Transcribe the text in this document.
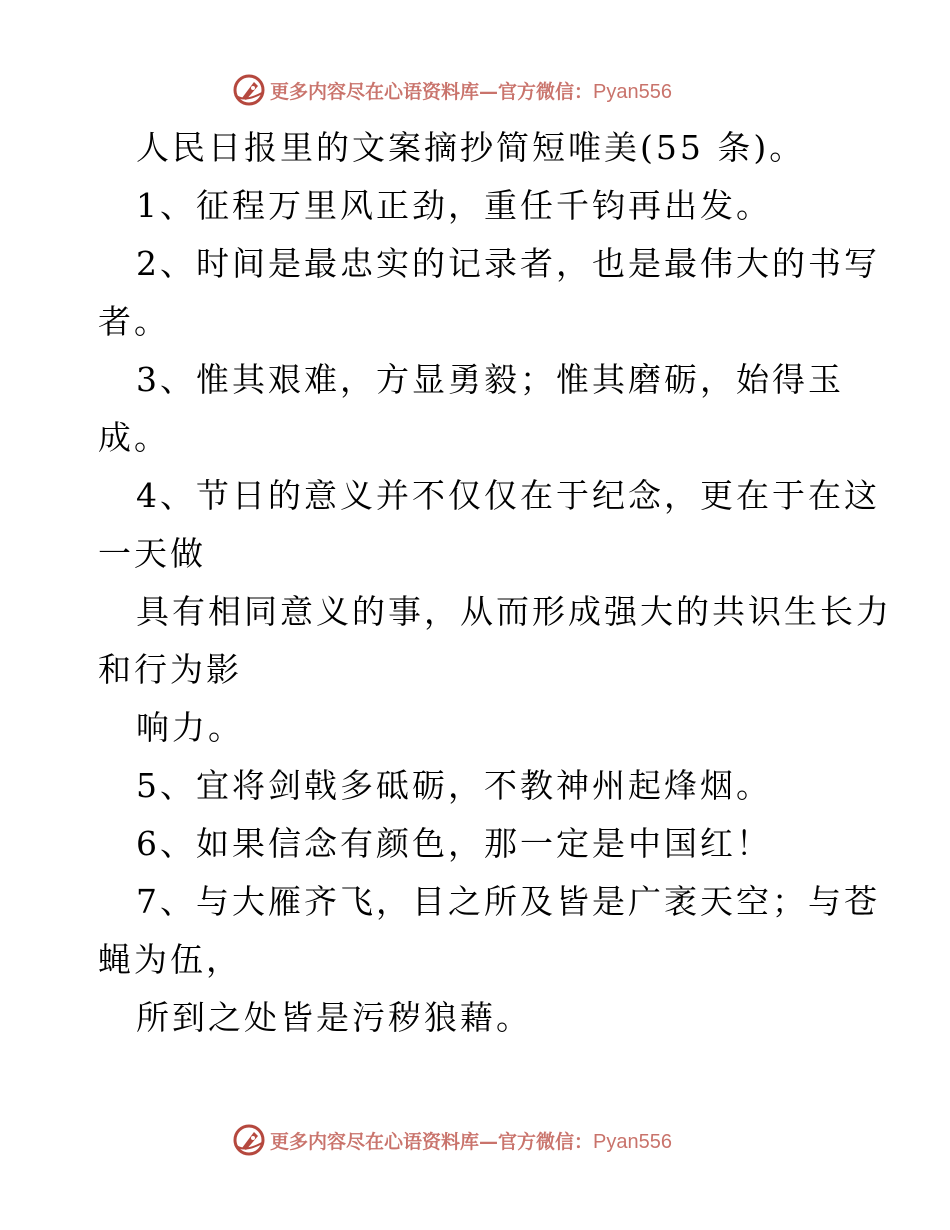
更多内容尽在心语资料库—官方微信：Pyan556
人民日报里的文案摘抄简短唯美(55 条)。
1、征程万里风正劲，重任千钧再出发。
2、时间是最忠实的记录者，也是最伟大的书写
者。
3、惟其艰难，方显勇毅；惟其磨砺，始得玉
成。
4、节日的意义并不仅仅在于纪念，更在于在这
一天做
具有相同意义的事，从而形成强大的共识生长力
和行为影
响力。
5、宜将剑戟多砥砺，不教神州起烽烟。
6、如果信念有颜色，那一定是中国红！
7、与大雁齐飞，目之所及皆是广袤天空；与苍
蝇为伍，
所到之处皆是污秽狼藉。
更多内容尽在心语资料库—官方微信：Pyan556
